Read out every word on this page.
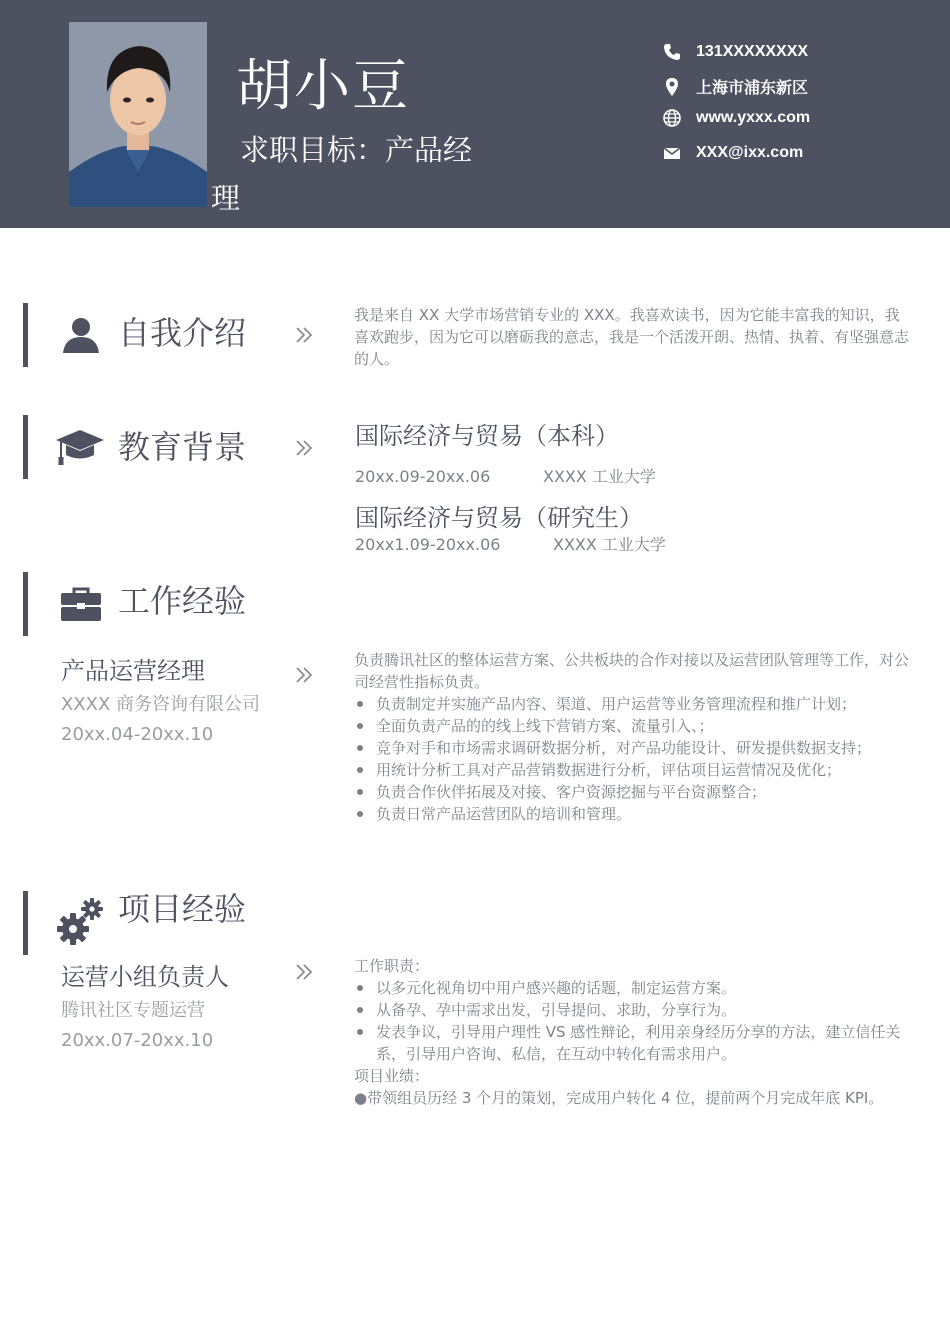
胡小豆
求职目标：产品经
理
131XXXXXXXX
上海市浦东新区
www.yxxx.com
XXX@ixx.com
自我介绍	我是来自 XX 大学市场营销专业的 XXX。我喜欢读书，因为它能丰富我的知识，我喜欢跑步，因为它可以磨砺我的意志，我是一个活泼开朗、热情、执着、有坚强意志的人。
教育背景	国际经济与贸易（本科）
20xx.09-20xx.06	XXXX 工业大学
国际经济与贸易（研究生）
20xx1.09-20xx.06	XXXX 工业大学
工作经验
产品运营经理
XXXX 商务咨询有限公司
20xx.04-20xx.10
负责腾讯社区的整体运营方案、公共板块的合作对接以及运营团队管理等工作，对公司经营性指标负责。
负责制定并实施产品内容、渠道、用户运营等业务管理流程和推广计划；
全面负责产品的的线上线下营销方案、流量引入、；
竞争对手和市场需求调研数据分析，对产品功能设计、研发提供数据支持；
用统计分析工具对产品营销数据进行分析，评估项目运营情况及优化；
负责合作伙伴拓展及对接、客户资源挖掘与平台资源整合；
负责日常产品运营团队的培训和管理。
项目经验
运营小组负责人
腾讯社区专题运营
20xx.07-20xx.10
工作职责：
以多元化视角切中用户感兴趣的话题，制定运营方案。
从备孕、孕中需求出发，引导提问、求助，分享行为。
发表争议，引导用户理性 VS 感性辩论，利用亲身经历分享的方法，建立信任关系，引导用户咨询、私信，在互动中转化有需求用户。
项目业绩：
●带领组员历经 3 个月的策划，完成用户转化 4 位，提前两个月完成年底 KPI。
